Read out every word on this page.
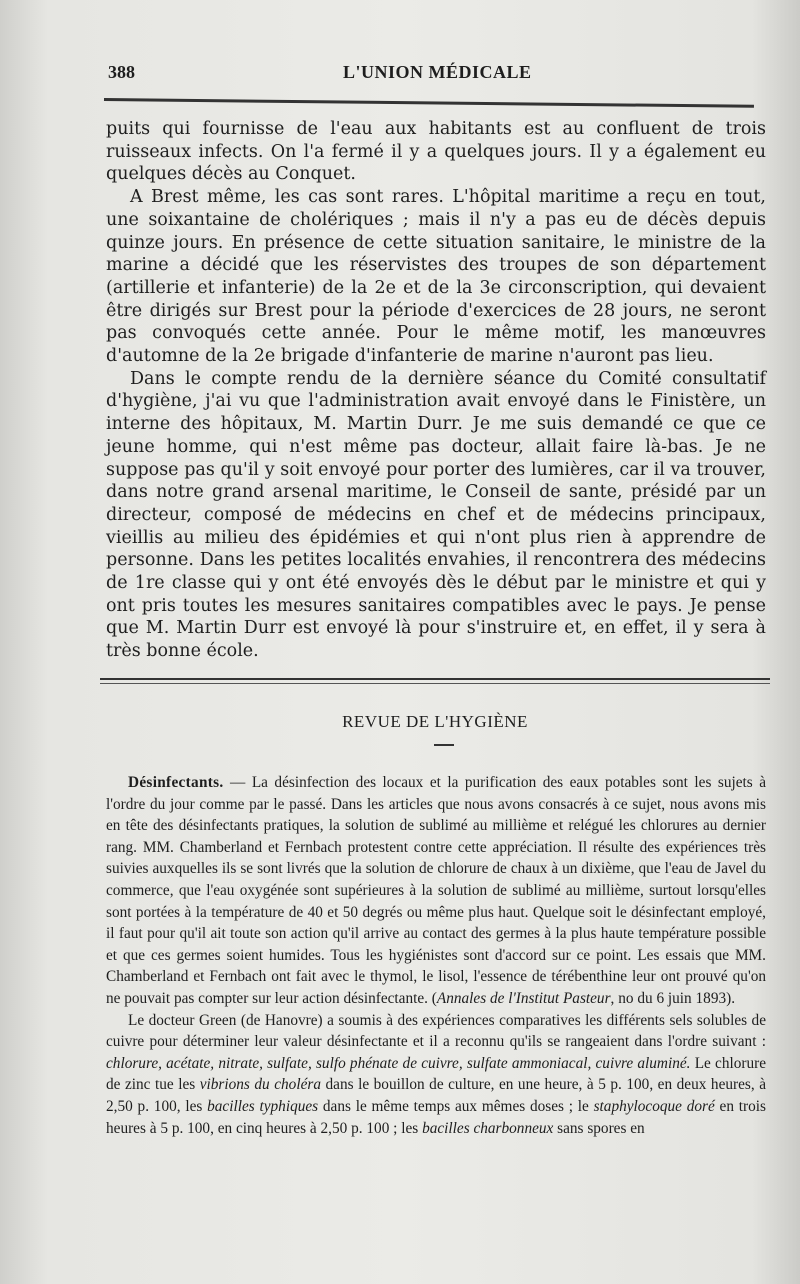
388	L'UNION MÉDICALE

puits qui fournisse de l'eau aux habitants est au confluent de trois ruisseaux infects. On l'a fermé il y a quelques jours. Il y a également eu quelques décès au Conquet.

A Brest même, les cas sont rares. L'hôpital maritime a reçu en tout, une soixantaine de cholériques ; mais il n'y a pas eu de décès depuis quinze jours. En présence de cette situation sanitaire, le ministre de la marine a décidé que les réservistes des troupes de son département (artillerie et infanterie) de la 2e et de la 3e circonscription, qui devaient être dirigés sur Brest pour la période d'exercices de 28 jours, ne seront pas convoqués cette année. Pour le même motif, les manœuvres d'automne de la 2e brigade d'infanterie de marine n'auront pas lieu.

Dans le compte rendu de la dernière séance du Comité consultatif d'hygiène, j'ai vu que l'administration avait envoyé dans le Finistère, un interne des hôpitaux, M. Martin Durr. Je me suis demandé ce que ce jeune homme, qui n'est même pas docteur, allait faire là-bas. Je ne suppose pas qu'il y soit envoyé pour porter des lumières, car il va trouver, dans notre grand arsenal maritime, le Conseil de sante, présidé par un directeur, composé de médecins en chef et de médecins principaux, vieillis au milieu des épidémies et qui n'ont plus rien à apprendre de personne. Dans les petites localités envahies, il rencontrera des médecins de 1re classe qui y ont été envoyés dès le début par le ministre et qui y ont pris toutes les mesures sanitaires compatibles avec le pays. Je pense que M. Martin Durr est envoyé là pour s'instruire et, en effet, il y sera à très bonne école.

REVUE DE L'HYGIÈNE

Désinfectants. — La désinfection des locaux et la purification des eaux potables sont les sujets à l'ordre du jour comme par le passé. Dans les articles que nous avons consacrés à ce sujet, nous avons mis en tête des désinfectants pratiques, la solution de sublimé au millième et relégué les chlorures au dernier rang. MM. Chamberland et Fernbach protestent contre cette appréciation. Il résulte des expériences très suivies auxquelles ils se sont livrés que la solution de chlorure de chaux à un dixième, que l'eau de Javel du commerce, que l'eau oxygénée sont supérieures à la solution de sublimé au millième, surtout lorsqu'elles sont portées à la température de 40 et 50 degrés ou même plus haut. Quelque soit le désinfectant employé, il faut pour qu'il ait toute son action qu'il arrive au contact des germes à la plus haute température possible et que ces germes soient humides. Tous les hygiénistes sont d'accord sur ce point. Les essais que MM. Chamberland et Fernbach ont fait avec le thymol, le lisol, l'essence de térébenthine leur ont prouvé qu'on ne pouvait pas compter sur leur action désinfectante. (Annales de l'Institut Pasteur, no du 6 juin 1893).

Le docteur Green (de Hanovre) a soumis à des expériences comparatives les différents sels solubles de cuivre pour déterminer leur valeur désinfectante et il a reconnu qu'ils se rangeaient dans l'ordre suivant : chlorure, acétate, nitrate, sulfate, sulfo phénate de cuivre, sulfate ammoniacal, cuivre aluminé. Le chlorure de zinc tue les vibrions du choléra dans le bouillon de culture, en une heure, à 5 p. 100, en deux heures, à 2,50 p. 100, les bacilles typhiques dans le même temps aux mêmes doses ; le staphylocoque doré en trois heures à 5 p. 100, en cinq heures à 2,50 p. 100 ; les bacilles charbonneux sans spores en
